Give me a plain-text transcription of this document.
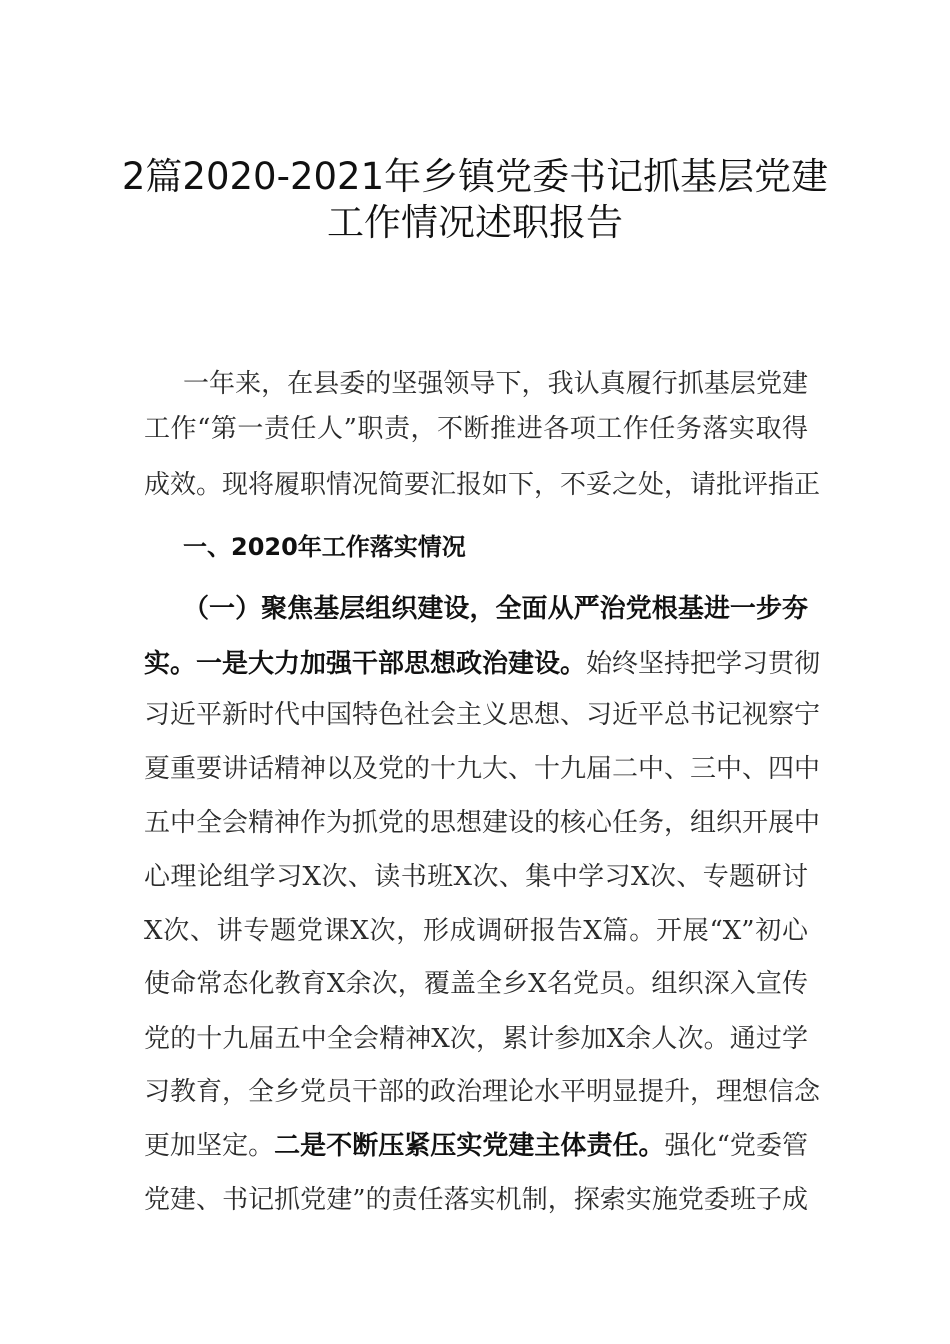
2篇2020-2021年乡镇党委书记抓基层党建
工作情况述职报告
一年来，在县委的坚强领导下，我认真履行抓基层党建
工作“第一责任人”职责，不断推进各项工作任务落实取得
成效。现将履职情况简要汇报如下，不妥之处，请批评指正
一、2020年工作落实情况
（一）聚焦基层组织建设，全面从严治党根基进一步夯
实。一是大力加强干部思想政治建设。始终坚持把学习贯彻
习近平新时代中国特色社会主义思想、习近平总书记视察宁
夏重要讲话精神以及党的十九大、十九届二中、三中、四中
五中全会精神作为抓党的思想建设的核心任务，组织开展中
心理论组学习X次、读书班X次、集中学习X次、专题研讨
X次、讲专题党课X次，形成调研报告X篇。开展“X”初心
使命常态化教育X余次，覆盖全乡X名党员。组织深入宣传
党的十九届五中全会精神X次，累计参加X余人次。通过学
习教育，全乡党员干部的政治理论水平明显提升，理想信念
更加坚定。二是不断压紧压实党建主体责任。强化“党委管
党建、书记抓党建”的责任落实机制，探索实施党委班子成
